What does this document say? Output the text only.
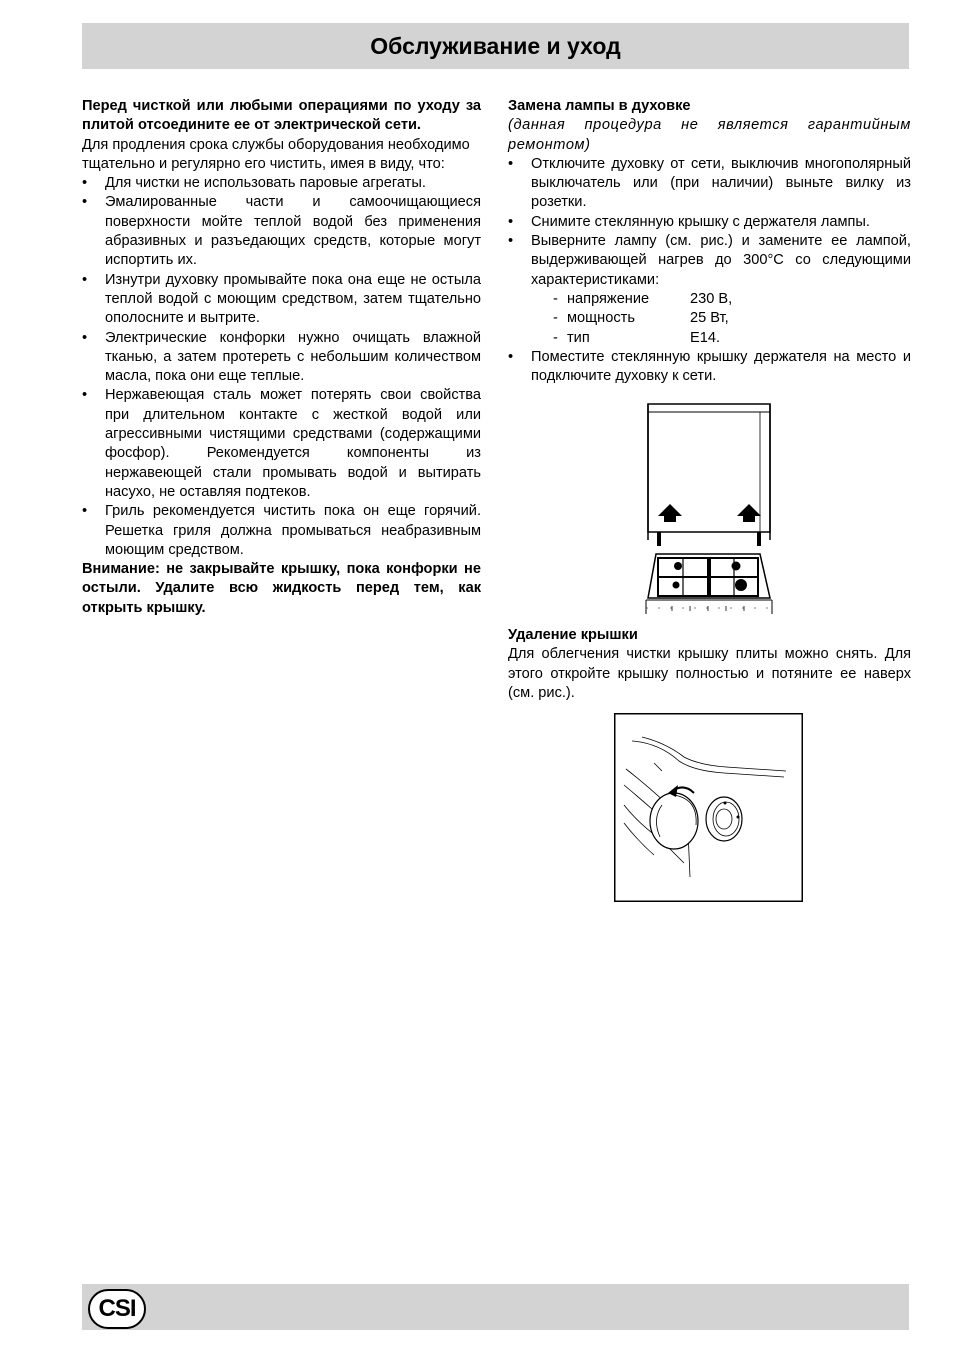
Обслуживание и уход

Перед чисткой или любыми операциями по уходу за плитой отсоедините ее от электрической сети.

Для продления срока службы оборудования необходимо тщательно и регулярно его чистить, имея в виду, что:

• Для чистки не использовать паровые агрегаты.
• Эмалированные части и самоочищающиеся поверхности мойте теплой водой без применения абразивных и разъедающих средств, которые могут испортить их.
• Изнутри духовку промывайте пока она еще не остыла теплой водой с моющим средством, затем тщательно ополосните и вытрите.
• Электрические конфорки нужно очищать влажной тканью, а затем протереть с небольшим количеством масла, пока они еще теплые.
• Нержавеющая сталь может потерять свои свойства при длительном контакте с жесткой водой или агрессивными чистящими средствами (содержащими фосфор). Рекомендуется компоненты из нержавеющей стали промывать водой и вытирать насухо, не оставляя подтеков.
• Гриль рекомендуется чистить пока он еще горячий. Решетка гриля должна промываться неабразивным моющим средством.

Внимание: не закрывайте крышку, пока конфорки не остыли. Удалите всю жидкость перед тем, как открыть крышку.

Замена лампы в духовке

(данная процедура не является гарантийным ремонтом)

• Отключите духовку от сети, выключив многополярный выключатель или (при наличии) выньте вилку из розетки.
• Снимите стеклянную крышку с держателя лампы.
• Выверните лампу (см. рис.) и замените ее лампой, выдерживающей нагрев до 300°С со следующими характеристиками:
- напряжение	230 В,
- мощность	25 Вт,
- тип	E14.
• Поместите стеклянную крышку держателя на место и подключите духовку к сети.

Удаление крышки

Для облегчения чистки крышку плиты можно снять. Для этого откройте крышку полностью и потяните ее наверх (см. рис.).

CSI
